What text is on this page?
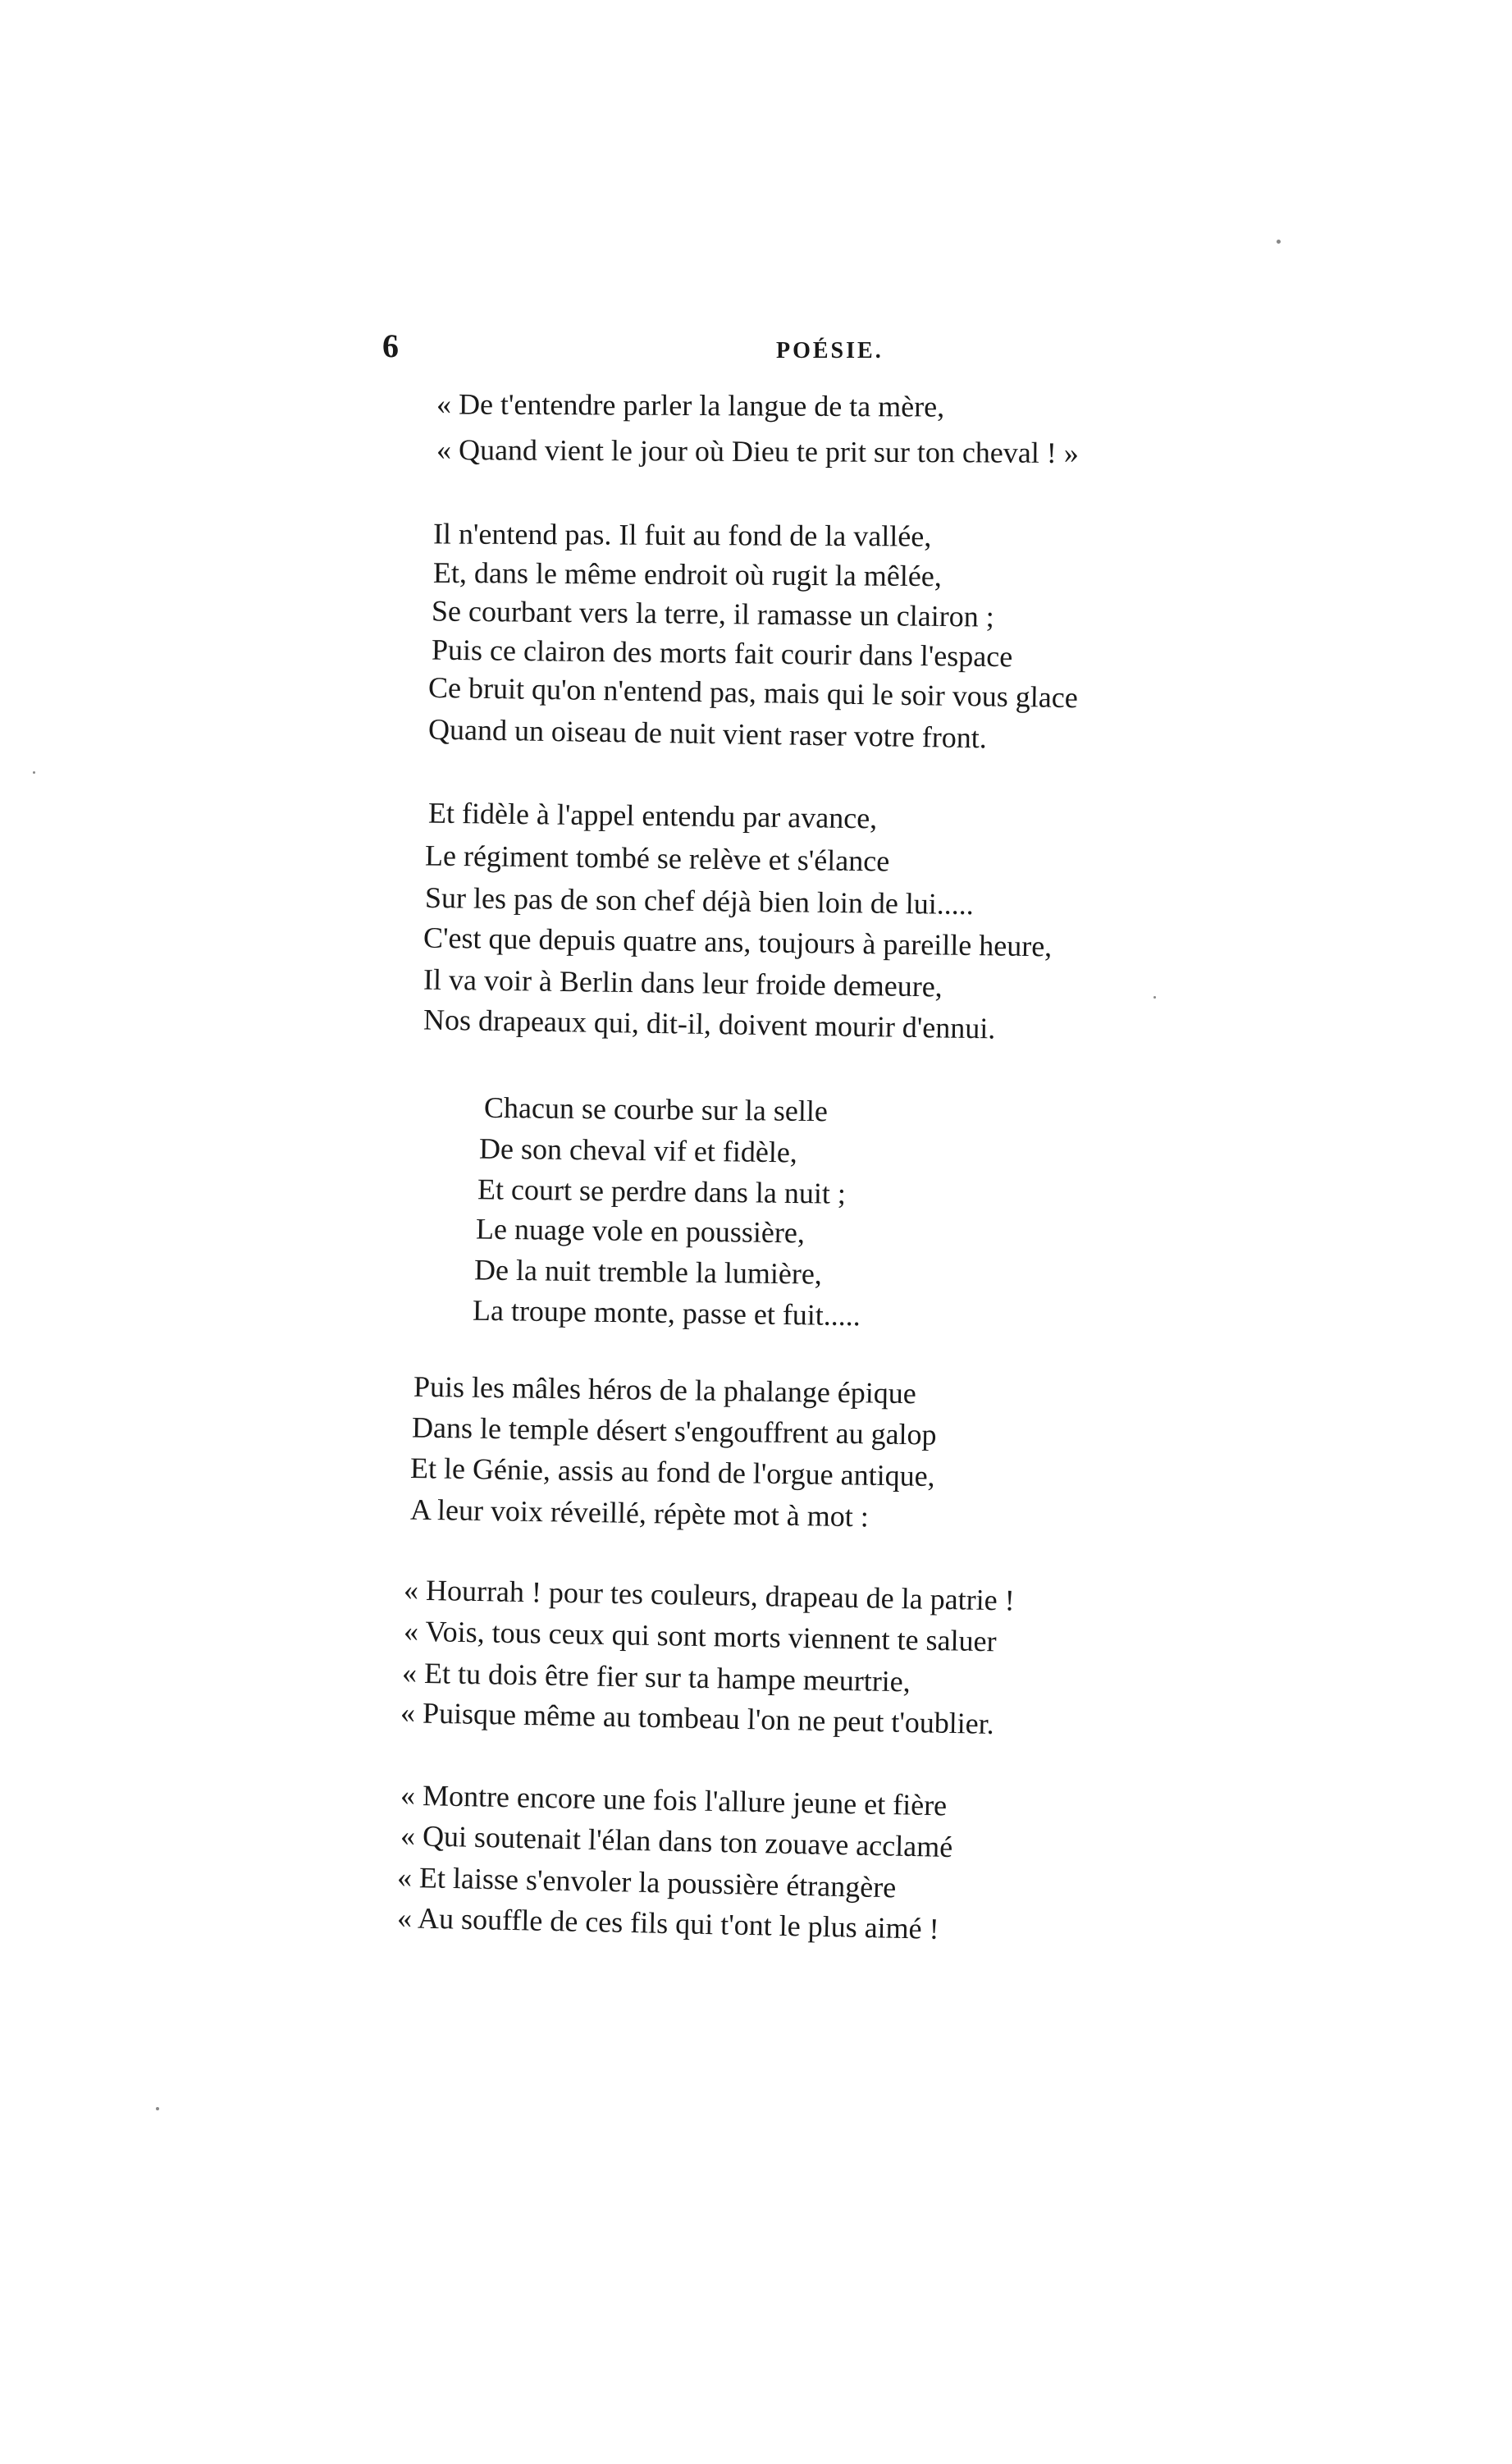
6	POÉSIE.
« De t'entendre parler la langue de ta mère,
« Quand vient le jour où Dieu te prit sur ton cheval ! »
Il n'entend pas. Il fuit au fond de la vallée,
Et, dans le même endroit où rugit la mêlée,
Se courbant vers la terre, il ramasse un clairon ;
Puis ce clairon des morts fait courir dans l'espace
Ce bruit qu'on n'entend pas, mais qui le soir vous glace
Quand un oiseau de nuit vient raser votre front.
Et fidèle à l'appel entendu par avance,
Le régiment tombé se relève et s'élance
Sur les pas de son chef déjà bien loin de lui.....
C'est que depuis quatre ans, toujours à pareille heure,
Il va voir à Berlin dans leur froide demeure,
Nos drapeaux qui, dit-il, doivent mourir d'ennui.
Chacun se courbe sur la selle
De son cheval vif et fidèle,
Et court se perdre dans la nuit ;
Le nuage vole en poussière,
De la nuit tremble la lumière,
La troupe monte, passe et fuit.....
Puis les mâles héros de la phalange épique
Dans le temple désert s'engouffrent au galop
Et le Génie, assis au fond de l'orgue antique,
A leur voix réveillé, répète mot à mot :
« Hourrah ! pour tes couleurs, drapeau de la patrie !
« Vois, tous ceux qui sont morts viennent te saluer
« Et tu dois être fier sur ta hampe meurtrie,
« Puisque même au tombeau l'on ne peut t'oublier.
« Montre encore une fois l'allure jeune et fière
« Qui soutenait l'élan dans ton zouave acclamé
« Et laisse s'envoler la poussière étrangère
« Au souffle de ces fils qui t'ont le plus aimé !
